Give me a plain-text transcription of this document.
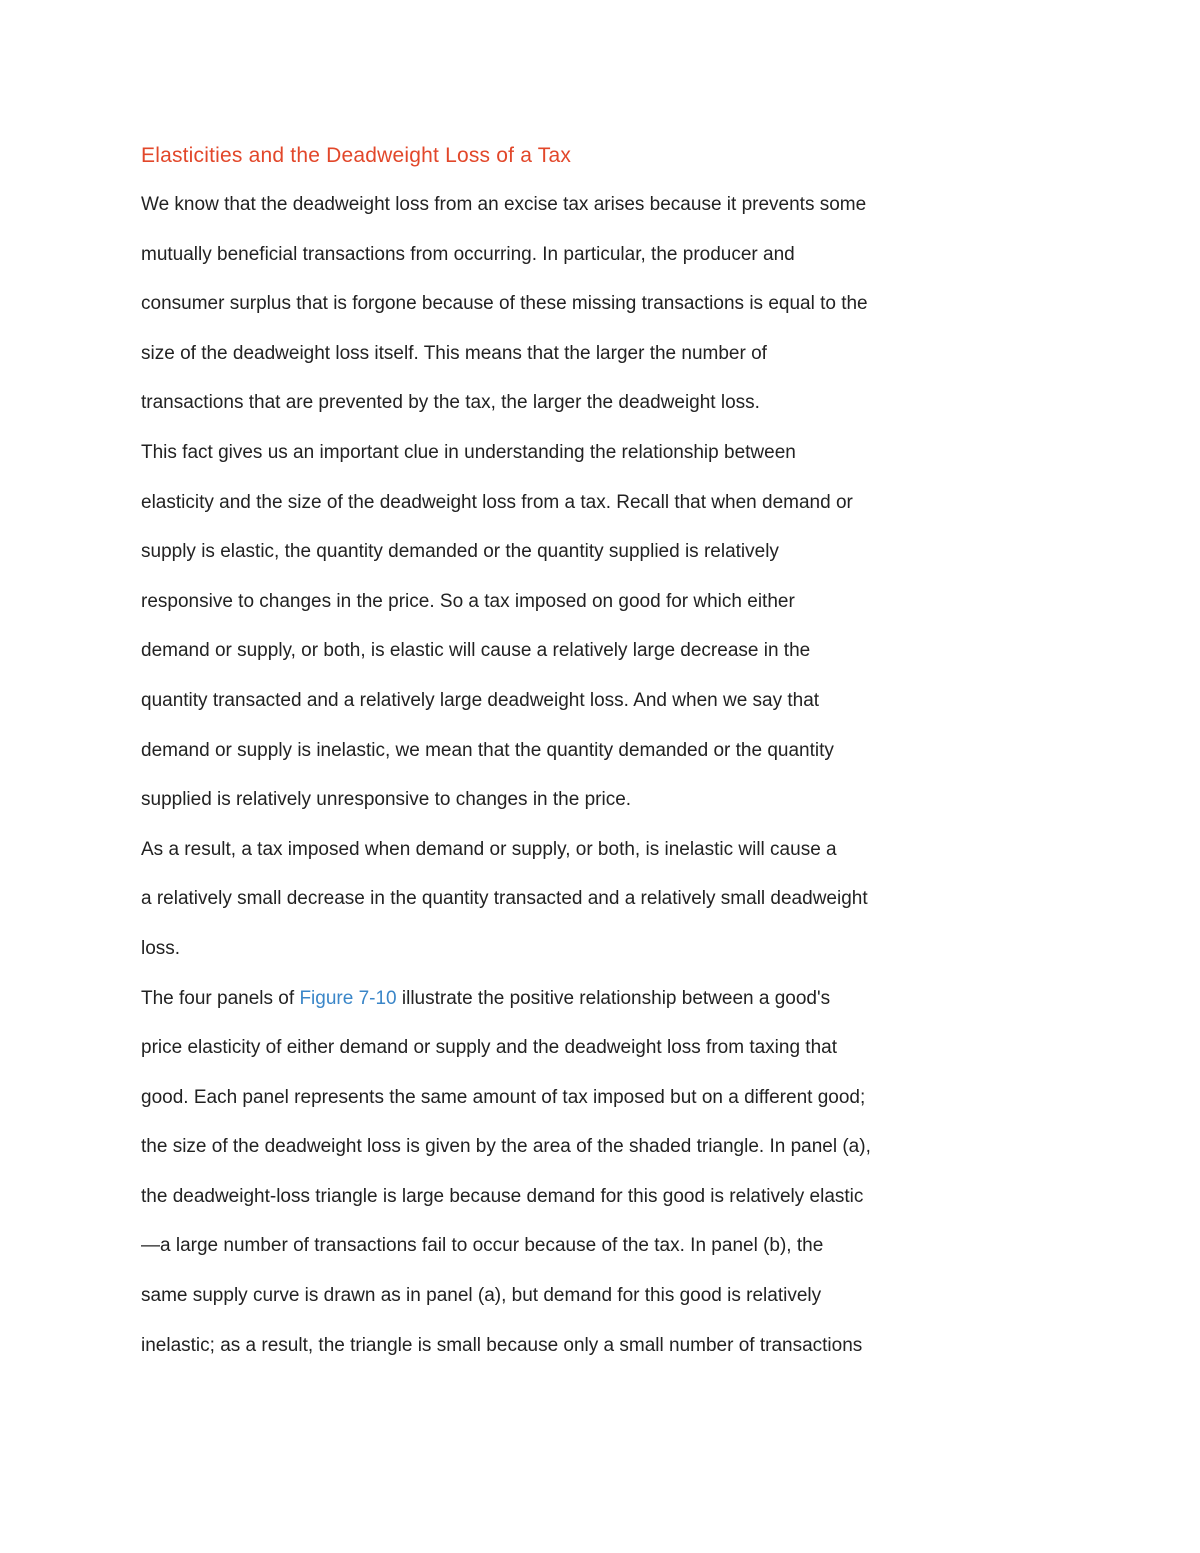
Elasticities and the Deadweight Loss of a Tax
We know that the deadweight loss from an excise tax arises because it prevents some
mutually beneficial transactions from occurring. In particular, the producer and
consumer surplus that is forgone because of these missing transactions is equal to the
size of the deadweight loss itself. This means that the larger the number of
transactions that are prevented by the tax, the larger the deadweight loss.
This fact gives us an important clue in understanding the relationship between
elasticity and the size of the deadweight loss from a tax. Recall that when demand or
supply is elastic, the quantity demanded or the quantity supplied is relatively
responsive to changes in the price. So a tax imposed on good for which either
demand or supply, or both, is elastic will cause a relatively large decrease in the
quantity transacted and a relatively large deadweight loss. And when we say that
demand or supply is inelastic, we mean that the quantity demanded or the quantity
supplied is relatively unresponsive to changes in the price.
As a result, a tax imposed when demand or supply, or both, is inelastic will cause a
a relatively small decrease in the quantity transacted and a relatively small deadweight
loss.
The four panels of Figure 7-10 illustrate the positive relationship between a good's
price elasticity of either demand or supply and the deadweight loss from taxing that
good. Each panel represents the same amount of tax imposed but on a different good;
the size of the deadweight loss is given by the area of the shaded triangle. In panel (a),
the deadweight-loss triangle is large because demand for this good is relatively elastic
—a large number of transactions fail to occur because of the tax. In panel (b), the
same supply curve is drawn as in panel (a), but demand for this good is relatively
inelastic; as a result, the triangle is small because only a small number of transactions
